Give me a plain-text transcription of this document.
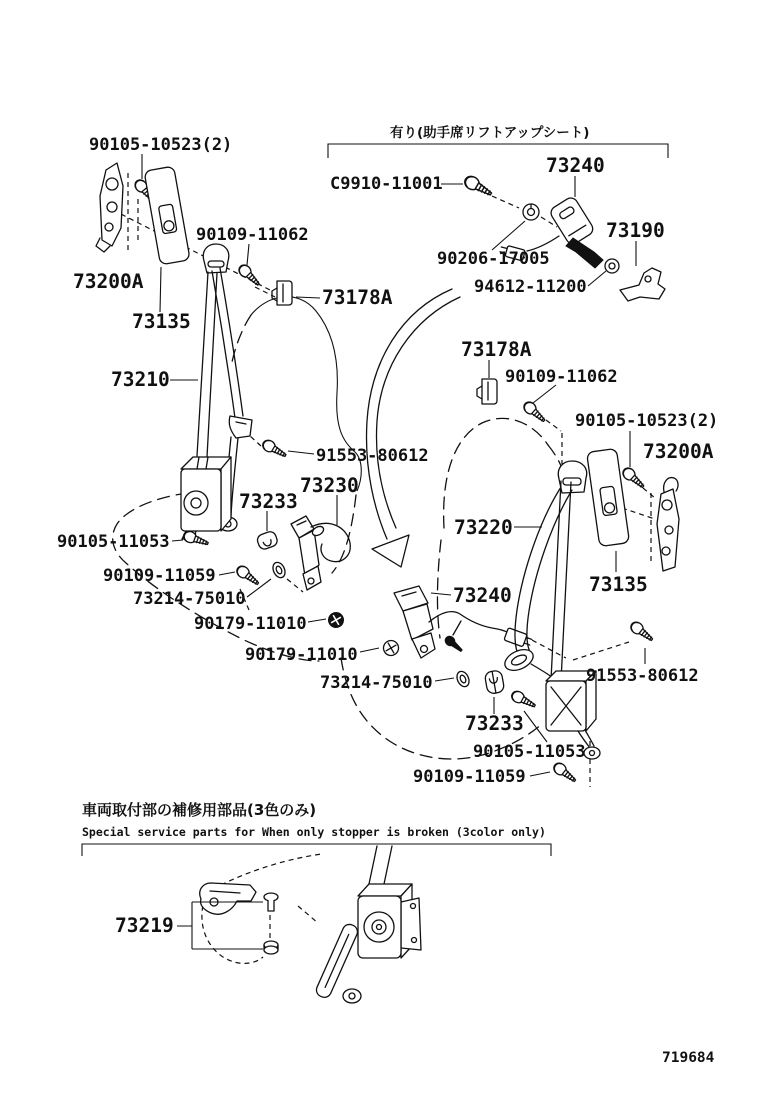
90105-10523(2)
C9910-11001
73240
73190
90206-17005
94612-11200
90109-11062
73200A
73135
73178A
73210
73178A
90109-11062
90105-10523(2)
73200A
91553-80612
73230
73233
73220
90105-11053
90109-11059	73135
73214-75010	73240
90179-11010
90179-11010
73214-75010	91553-80612
73233
90105-11053
90109-11059
73219
有り(助手席リフトアップシート)
車両取付部の補修用部品(3色のみ)
Special service parts for When only stopper is broken (3color only)
719684
